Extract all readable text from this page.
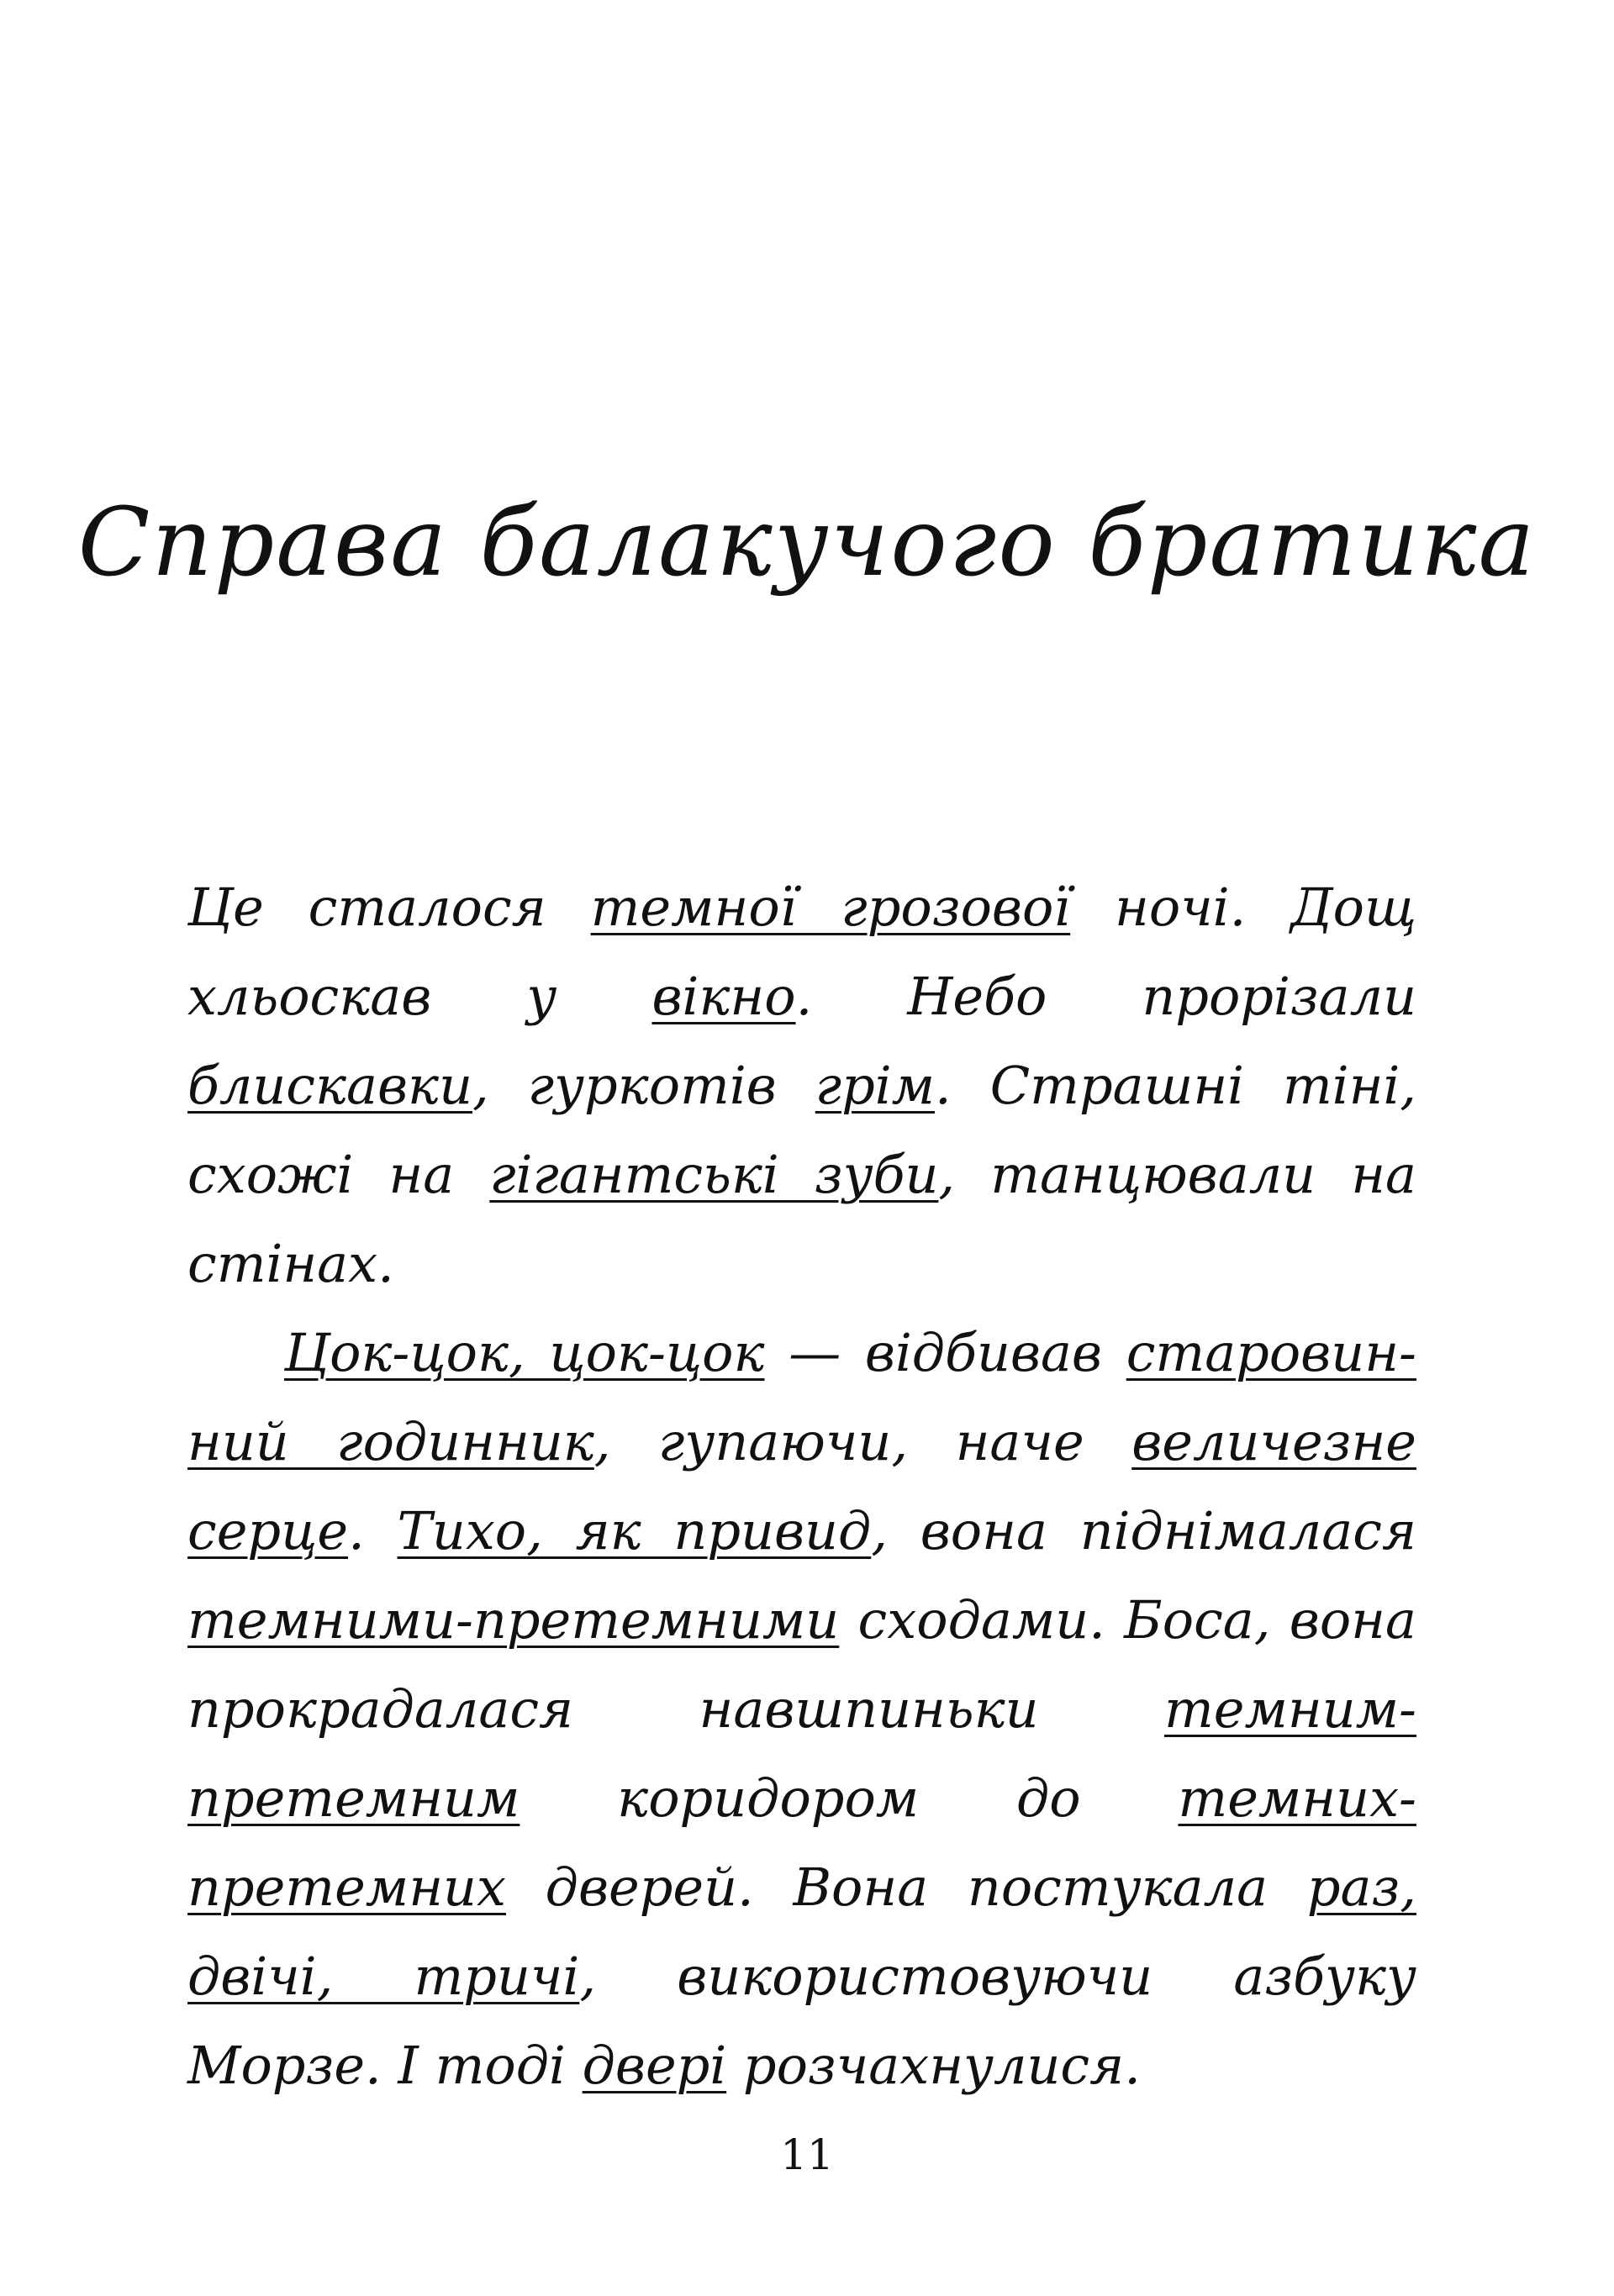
Справа балакучого братика

Це сталося темної грозової ночі. Дощ хльоскав у вікно. Небо прорізали блискавки, гуркотів грім. Страшні тіні, схожі на гігантські зуби, танцювали на стінах.

Цок-цок, цок-цок — відбивав старовинний годинник, гупаючи, наче величезне серце. Тихо, як привид, вона піднімалася темними-претемними сходами. Боса, вона прокрадалася навшпиньки темним-претемним коридором до темних-претемних дверей. Вона постукала раз, двічі, тричі, використовуючи азбуку Морзе. І тоді двері розчахнулися.

11
